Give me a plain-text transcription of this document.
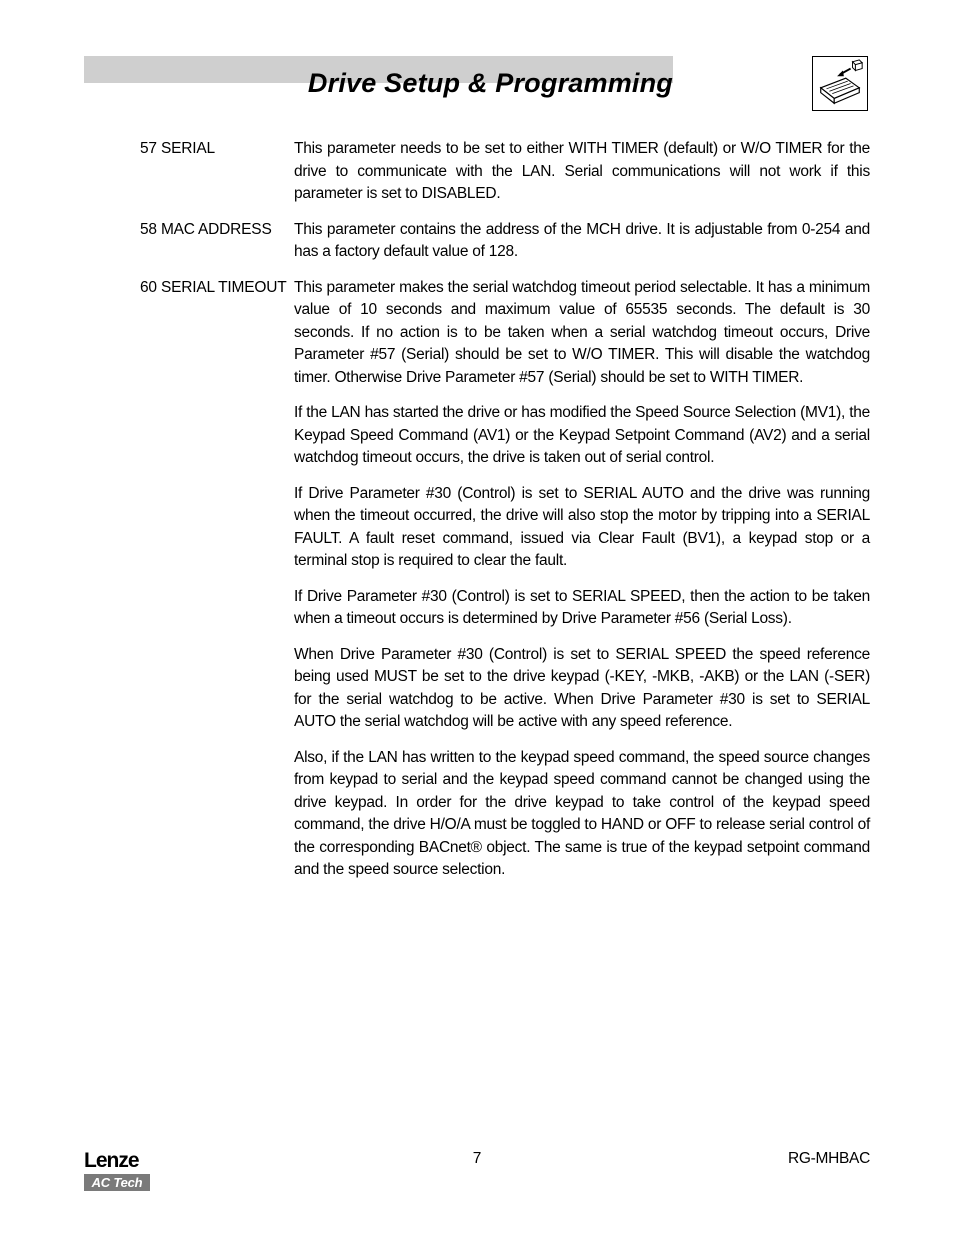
Drive Setup & Programming
57 SERIAL	This parameter needs to be set to either WITH TIMER (default) or W/O TIMER for the drive to communicate with the LAN. Serial communications will not work if this parameter is set to DISABLED.

58 MAC ADDRESS	This parameter contains the address of the MCH drive. It is adjustable from 0-254 and has a factory default value of 128.

60 SERIAL TIMEOUT This parameter makes the serial watchdog timeout period selectable. It has a minimum value of 10 seconds and maximum value of 65535 seconds. The default is 30 seconds. If no action is to be taken when a serial watchdog timeout occurs, Drive Parameter #57 (Serial) should be set to W/O TIMER. This will disable the watchdog timer. Otherwise Drive Parameter #57 (Serial) should be set to WITH TIMER.

If the LAN has started the drive or has modified the Speed Source Selection (MV1), the Keypad Speed Command (AV1) or the Keypad Setpoint Command (AV2) and a serial watchdog timeout occurs, the drive is taken out of serial control.

If Drive Parameter #30 (Control) is set to SERIAL AUTO and the drive was running when the timeout occurred, the drive will also stop the motor by tripping into a SERIAL FAULT. A fault reset command, issued via Clear Fault (BV1), a keypad stop or a terminal stop is required to clear the fault.

If Drive Parameter #30 (Control) is set to SERIAL SPEED, then the action to be taken when a timeout occurs is determined by Drive Parameter #56 (Serial Loss).

When Drive Parameter #30 (Control) is set to SERIAL SPEED the speed reference being used MUST be set to the drive keypad (-KEY, -MKB, -AKB) or the LAN (-SER) for the serial watchdog to be active. When Drive Parameter #30 is set to SERIAL AUTO the serial watchdog will be active with any speed reference.

Also, if the LAN has written to the keypad speed command, the speed source changes from keypad to serial and the keypad speed command cannot be changed using the drive keypad. In order for the drive keypad to take control of the keypad speed command, the drive H/O/A must be toggled to HAND or OFF to release serial control of the corresponding BACnet® object. The same is true of the keypad setpoint command and the speed source selection.

Lenze
AC Tech
7	RG-MHBAC
